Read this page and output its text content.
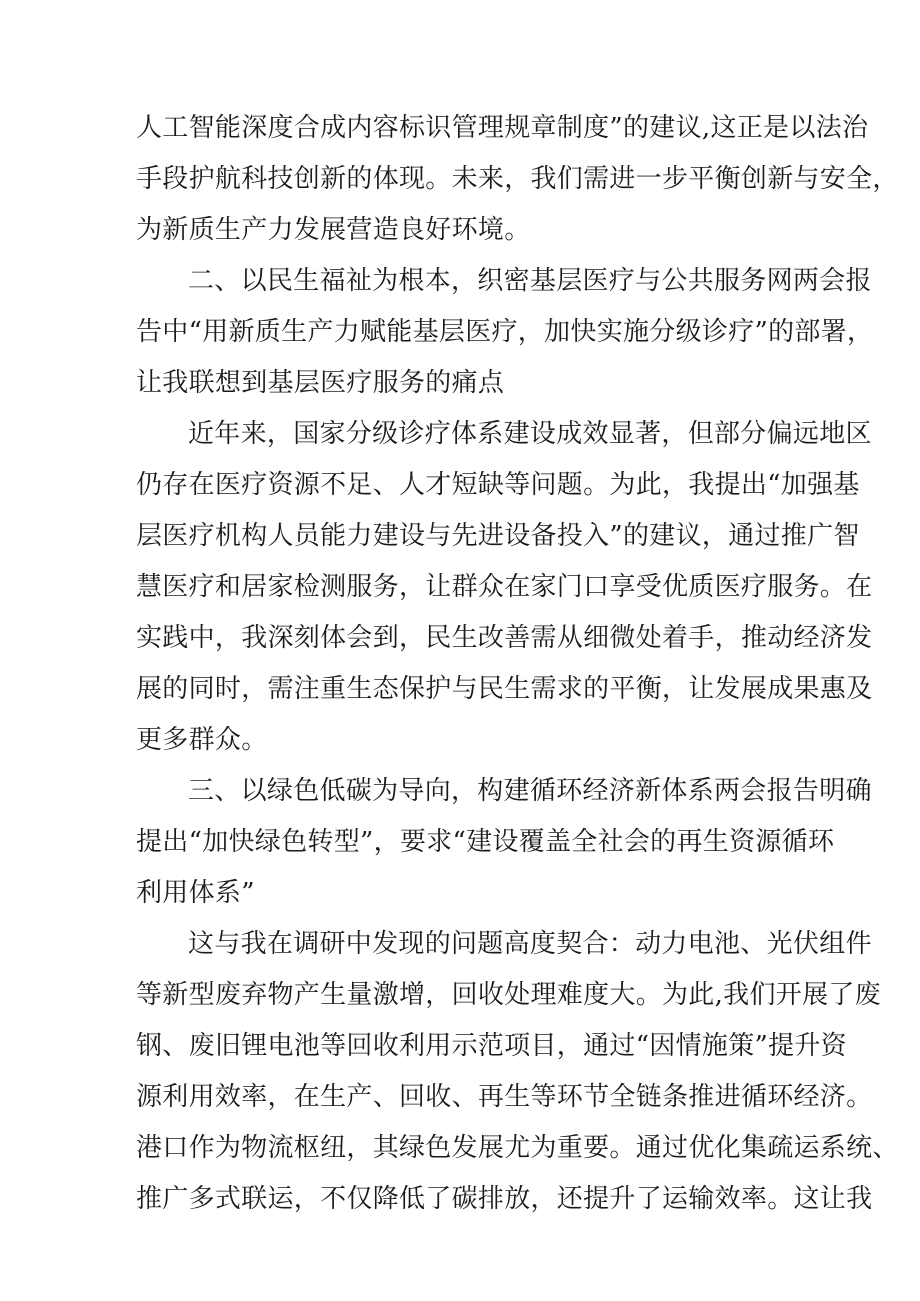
人工智能深度合成内容标识管理规章制度”的建议,这正是以法治
手段护航科技创新的体现。未来，我们需进一步平衡创新与安全，
为新质生产力发展营造良好环境。
二、以民生福祉为根本，织密基层医疗与公共服务网两会报
告中“用新质生产力赋能基层医疗，加快实施分级诊疗”的部署，
让我联想到基层医疗服务的痛点
近年来，国家分级诊疗体系建设成效显著，但部分偏远地区
仍存在医疗资源不足、人才短缺等问题。为此，我提出“加强基
层医疗机构人员能力建设与先进设备投入”的建议，通过推广智
慧医疗和居家检测服务，让群众在家门口享受优质医疗服务。在
实践中，我深刻体会到，民生改善需从细微处着手，推动经济发
展的同时，需注重生态保护与民生需求的平衡，让发展成果惠及
更多群众。
三、以绿色低碳为导向，构建循环经济新体系两会报告明确
提出“加快绿色转型”，要求“建设覆盖全社会的再生资源循环
利用体系”
这与我在调研中发现的问题高度契合：动力电池、光伏组件
等新型废弃物产生量激增，回收处理难度大。为此,我们开展了废
钢、废旧锂电池等回收利用示范项目，通过“因情施策”提升资
源利用效率，在生产、回收、再生等环节全链条推进循环经济。
港口作为物流枢纽，其绿色发展尤为重要。通过优化集疏运系统、
推广多式联运，不仅降低了碳排放，还提升了运输效率。这让我
